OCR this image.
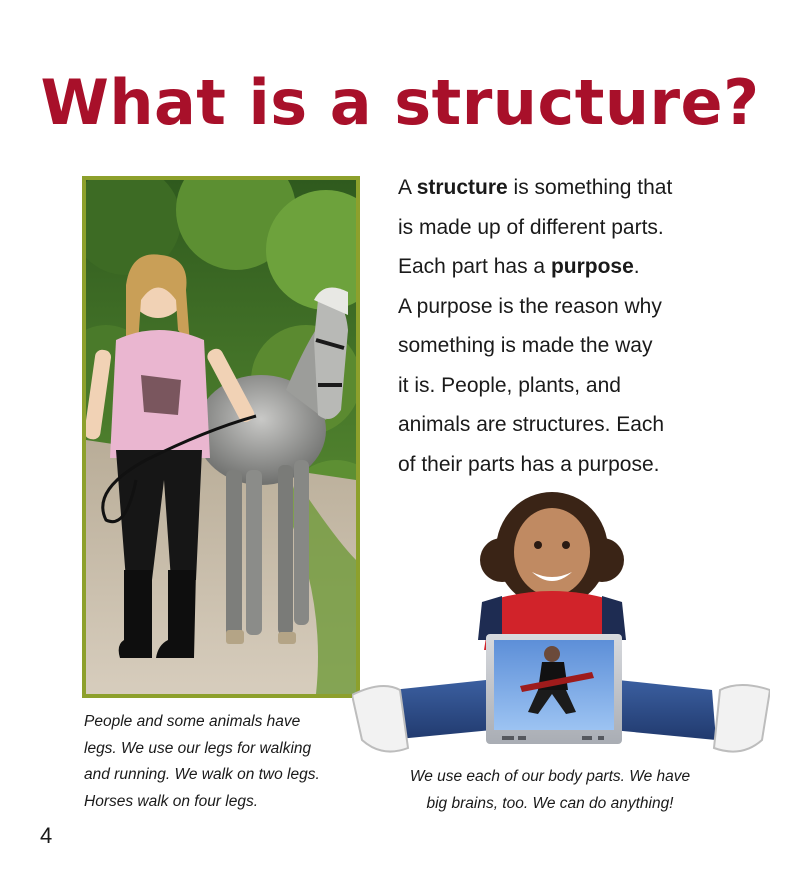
What is a structure?

A structure is something that

is made up of different parts.

Each part has a purpose.

A purpose is the reason why

something is made the way

it is. People, plants, and

animals are structures. Each

of their parts has a purpose.

People and some animals have

legs. We use our legs for walking

and running. We walk on two legs.

Horses walk on four legs.

We use each of our body parts. We have

big brains, too. We can do anything!

4
